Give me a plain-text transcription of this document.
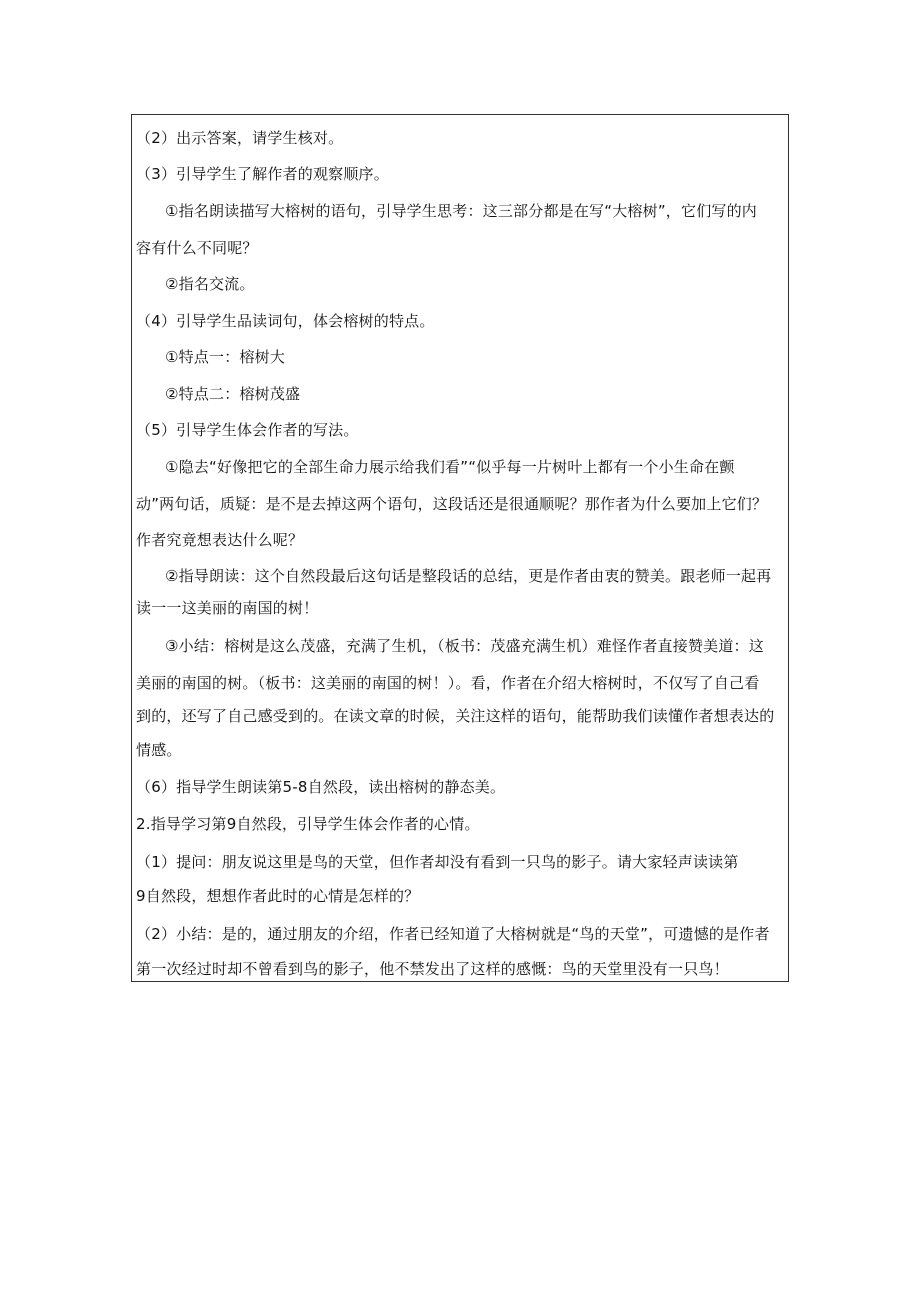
（2）出示答案，请学生核对。
（3）引导学生了解作者的观察顺序。
①指名朗读描写大榕树的语句，引导学生思考：这三部分都是在写“大榕树”，它们写的内
容有什么不同呢？
②指名交流。
（4）引导学生品读词句，体会榕树的特点。
①特点一：榕树大
②特点二：榕树茂盛
（5）引导学生体会作者的写法。
①隐去“好像把它的全部生命力展示给我们看”“似乎每一片树叶上都有一个小生命在颤
动”两句话，质疑：是不是去掉这两个语句，这段话还是很通顺呢？那作者为什么要加上它们？
作者究竟想表达什么呢？
②指导朗读：这个自然段最后这句话是整段话的总结，更是作者由衷的赞美。跟老师一起再
读一一这美丽的南国的树！
③小结：榕树是这么茂盛，充满了生机，（板书：茂盛充满生机）难怪作者直接赞美道：这
美丽的南国的树。（板书：这美丽的南国的树！）。看，作者在介绍大榕树时，不仅写了自己看
到的，还写了自己感受到的。在读文章的时候，关注这样的语句，能帮助我们读懂作者想表达的
情感。
（6）指导学生朗读第5-8自然段，读出榕树的静态美。
2.指导学习第9自然段，引导学生体会作者的心情。
（1）提问：朋友说这里是鸟的天堂，但作者却没有看到一只鸟的影子。请大家轻声读读第
9自然段，想想作者此时的心情是怎样的？
（2）小结：是的，通过朋友的介绍，作者已经知道了大榕树就是“鸟的天堂”，可遗憾的是作者
第一次经过时却不曾看到鸟的影子，他不禁发出了这样的感慨：鸟的天堂里没有一只鸟！
